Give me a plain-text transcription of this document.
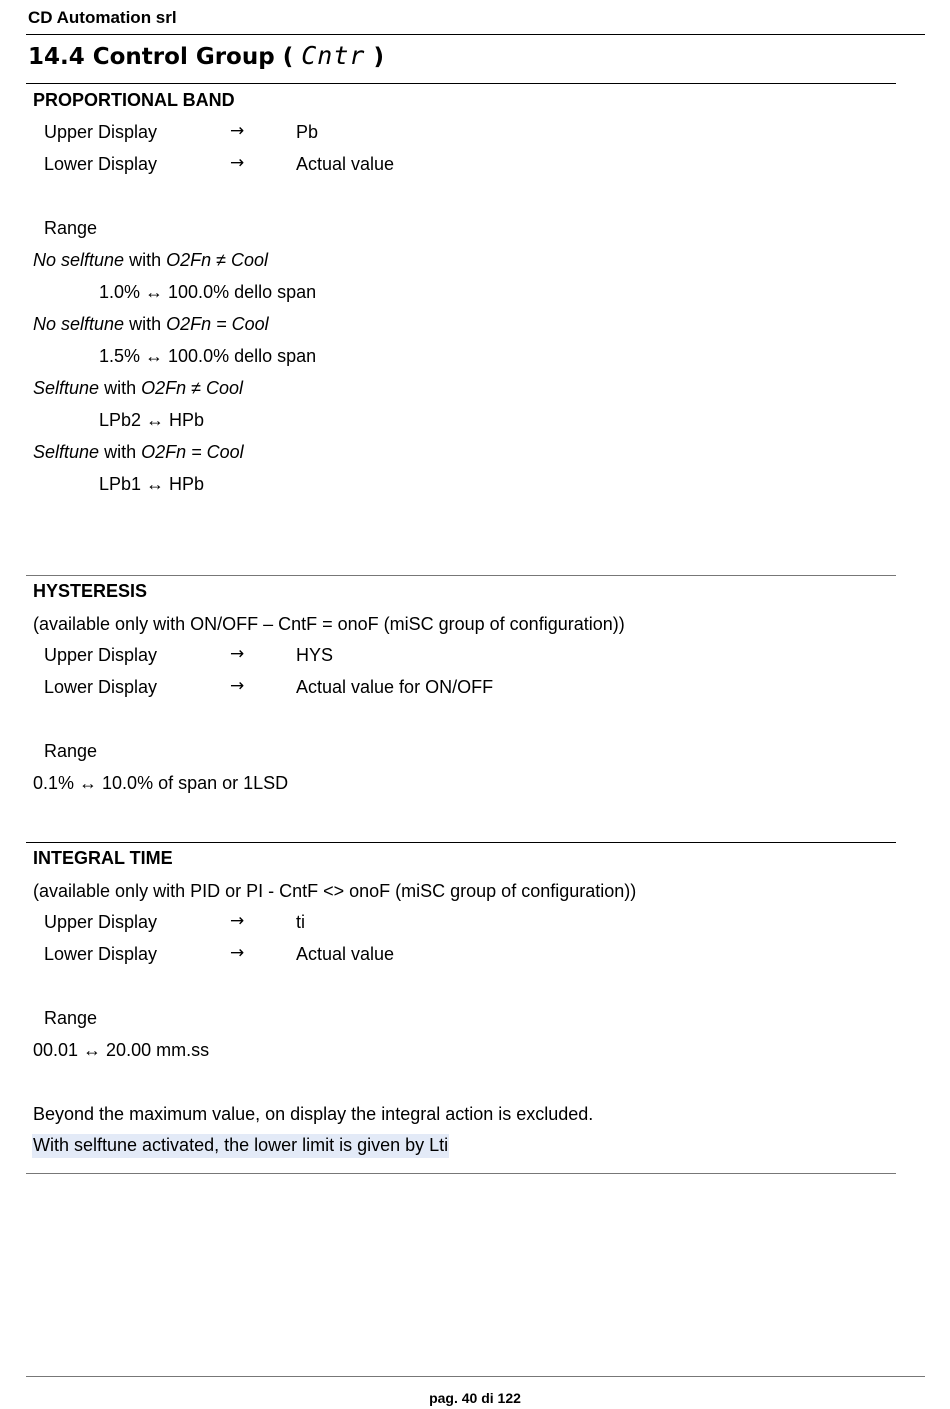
CD Automation srl
14.4 Control Group ( Cntr )
PROPORTIONAL BAND
Upper Display	→	Pb
Lower Display	→	Actual value
Range
No selftune with O2Fn ≠ Cool
1.0% ↔ 100.0% dello span
No selftune with O2Fn = Cool
1.5% ↔ 100.0% dello span
Selftune with O2Fn ≠ Cool
LPb2 ↔ HPb
Selftune with O2Fn = Cool
LPb1 ↔ HPb
HYSTERESIS
(available only with ON/OFF – CntF = onoF (miSC group of configuration))
Upper Display	→	HYS
Lower Display	→	Actual value for ON/OFF
Range
0.1% ↔ 10.0% of span or 1LSD
INTEGRAL TIME
(available only with PID or PI - CntF <> onoF (miSC group of configuration))
Upper Display	→	ti
Lower Display	→	Actual value
Range
00.01 ↔ 20.00 mm.ss
Beyond the maximum value, on display the integral action is excluded.
With selftune activated, the lower limit is given by Lti
pag. 40 di 122
